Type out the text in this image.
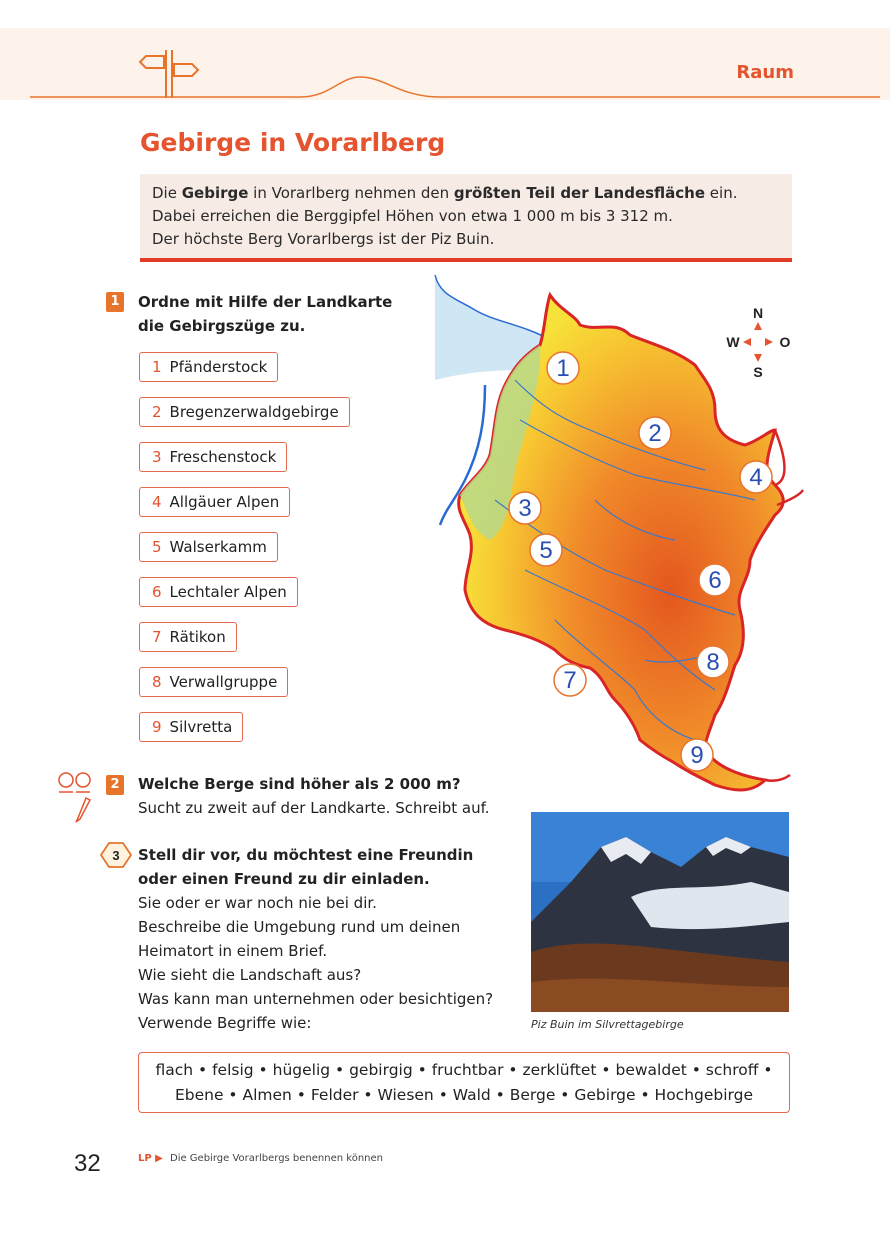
Raum
Gebirge in Vorarlberg
Die Gebirge in Vorarlberg nehmen den größten Teil der Landesfläche ein.
Dabei erreichen die Berggipfel Höhen von etwa 1 000 m bis 3 312 m.
Der höchste Berg Vorarlbergs ist der Piz Buin.
1 Ordne mit Hilfe der Landkarte
die Gebirgszüge zu.
1 Pfänderstock
2 Bregenzerwaldgebirge
3 Freschenstock
4 Allgäuer Alpen
5 Walserkamm
6 Lechtaler Alpen
7 Rätikon
8 Verwallgruppe
9 Silvretta
1
2
3
4
5
6
7
8
9
N
S
W	O
2 Welche Berge sind höher als 2 000 m?
Sucht zu zweit auf der Landkarte. Schreibt auf.
3 Stell dir vor, du möchtest eine Freundin
oder einen Freund zu dir einladen.
Sie oder er war noch nie bei dir.
Beschreibe die Umgebung rund um deinen
Heimatort in einem Brief.
Wie sieht die Landschaft aus?
Was kann man unternehmen oder besichtigen?
Verwende Begriffe wie:	Piz Buin im Silvrettagebirge
flach • felsig • hügelig • gebirgig • fruchtbar • zerklüftet • bewaldet • schroff •
Ebene • Almen • Felder • Wiesen • Wald • Berge • Gebirge • Hochgebirge
32	LP ▶ Die Gebirge Vorarlbergs benennen können
